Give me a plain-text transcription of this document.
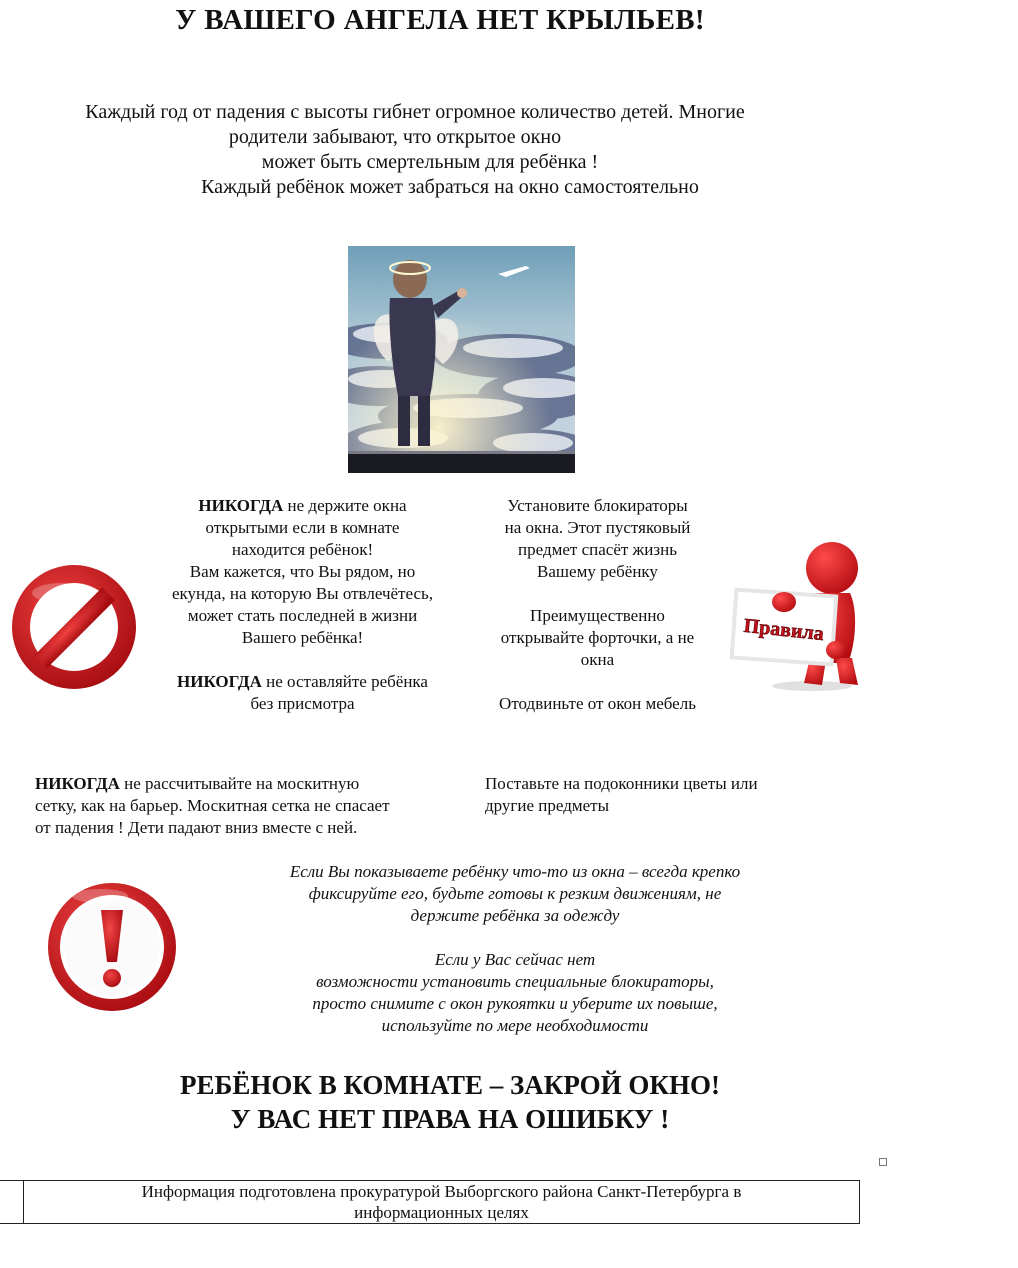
У ВАШЕГО АНГЕЛА НЕТ КРЫЛЬЕВ!
Каждый год от падения с высоты гибнет огромное количество детей. Многие
родители забывают, что открытое окно
может быть смертельным для ребёнка !
Каждый ребёнок может забраться на окно самостоятельно
НИКОГДА не держите окна
открытыми если в комнате
находится ребёнок!
Вам кажется, что Вы рядом, но
екунда, на которую Вы отвлечётесь,
может стать последней в жизни
Вашего ребёнка!
НИКОГДА не оставляйте ребёнка
без присмотра
Установите блокираторы
на окна. Этот пустяковый
предмет спасёт жизнь
Вашему ребёнку
Преимущественно
открывайте форточки, а не
окна
Отодвиньте от окон мебель
Правила
НИКОГДА не рассчитывайте на москитную
сетку, как на барьер. Москитная сетка не спасает
от падения ! Дети падают вниз вместе с ней.
Поставьте на подоконники цветы или
другие предметы
Если Вы показываете ребёнку что-то из окна – всегда крепко
фиксируйте его, будьте готовы к резким движениям, не
держите ребёнка за одежду
Если у Вас сейчас нет
возможности установить специальные блокираторы,
просто снимите с окон рукоятки и уберите их повыше,
используйте по мере необходимости
РЕБЁНОК В КОМНАТЕ – ЗАКРОЙ ОКНО!
У ВАС НЕТ ПРАВА НА ОШИБКУ !
Информация подготовлена прокуратурой Выборгского района Санкт-Петербурга в
информационных целях
